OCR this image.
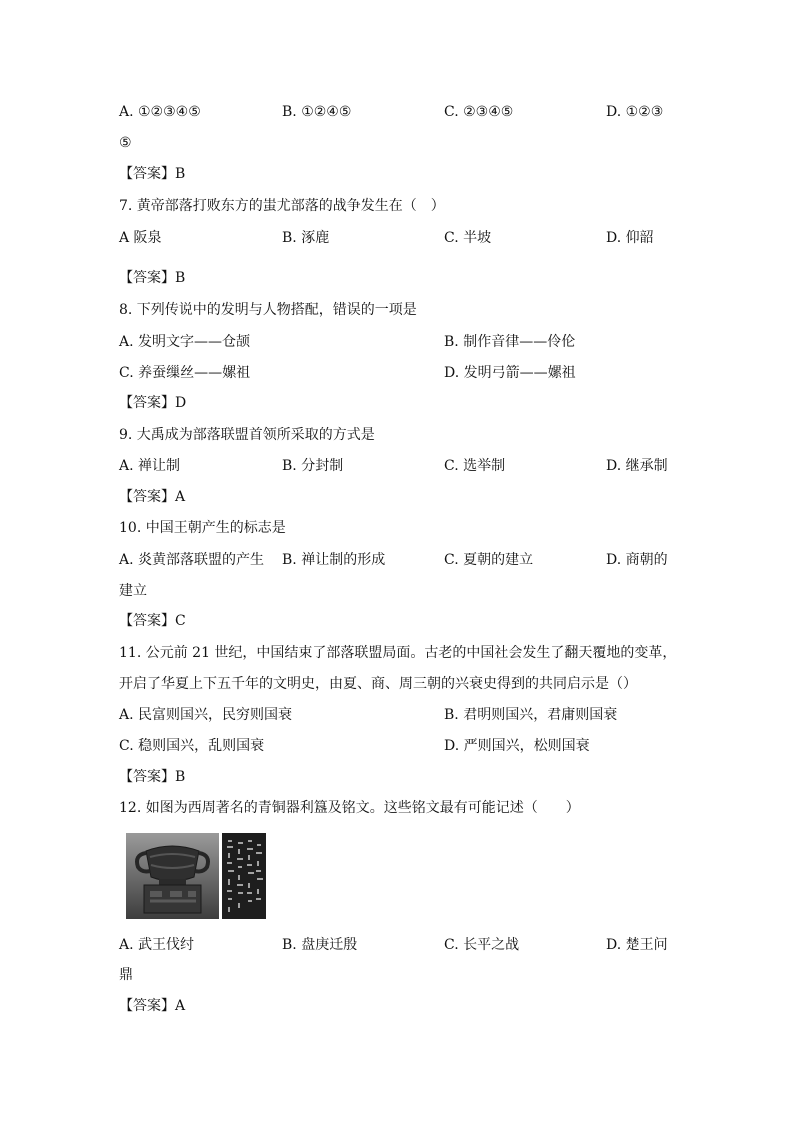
A. ①②③④⑤	B. ①②④⑤	C. ②③④⑤	D. ①②③
⑤
【答案】B
7. 黄帝部落打败东方的蚩尤部落的战争发生在（　）
A 阪泉	B. 涿鹿	C. 半坡	D. 仰韶
【答案】B
8. 下列传说中的发明与人物搭配，错误的一项是
A. 发明文字——仓颉	B. 制作音律——伶伦
C. 养蚕缫丝——嫘祖	D. 发明弓箭——嫘祖
【答案】D
9. 大禹成为部落联盟首领所采取的方式是
A. 禅让制	B. 分封制	C. 选举制	D. 继承制
【答案】A
10. 中国王朝产生的标志是
A. 炎黄部落联盟的产生 B. 禅让制的形成	C. 夏朝的建立	D. 商朝的
建立
【答案】C
11. 公元前 21 世纪，中国结束了部落联盟局面。古老的中国社会发生了翻天覆地的变革，
开启了华夏上下五千年的文明史，由夏、商、周三朝的兴衰史得到的共同启示是（）
A. 民富则国兴，民穷则国衰	B. 君明则国兴，君庸则国衰
C. 稳则国兴，乱则国衰	D. 严则国兴，松则国衰
【答案】B
12. 如图为西周著名的青铜器利簋及铭文。这些铭文最有可能记述（　　）
A. 武王伐纣	B. 盘庚迁殷	C. 长平之战	D. 楚王问
鼎
【答案】A
